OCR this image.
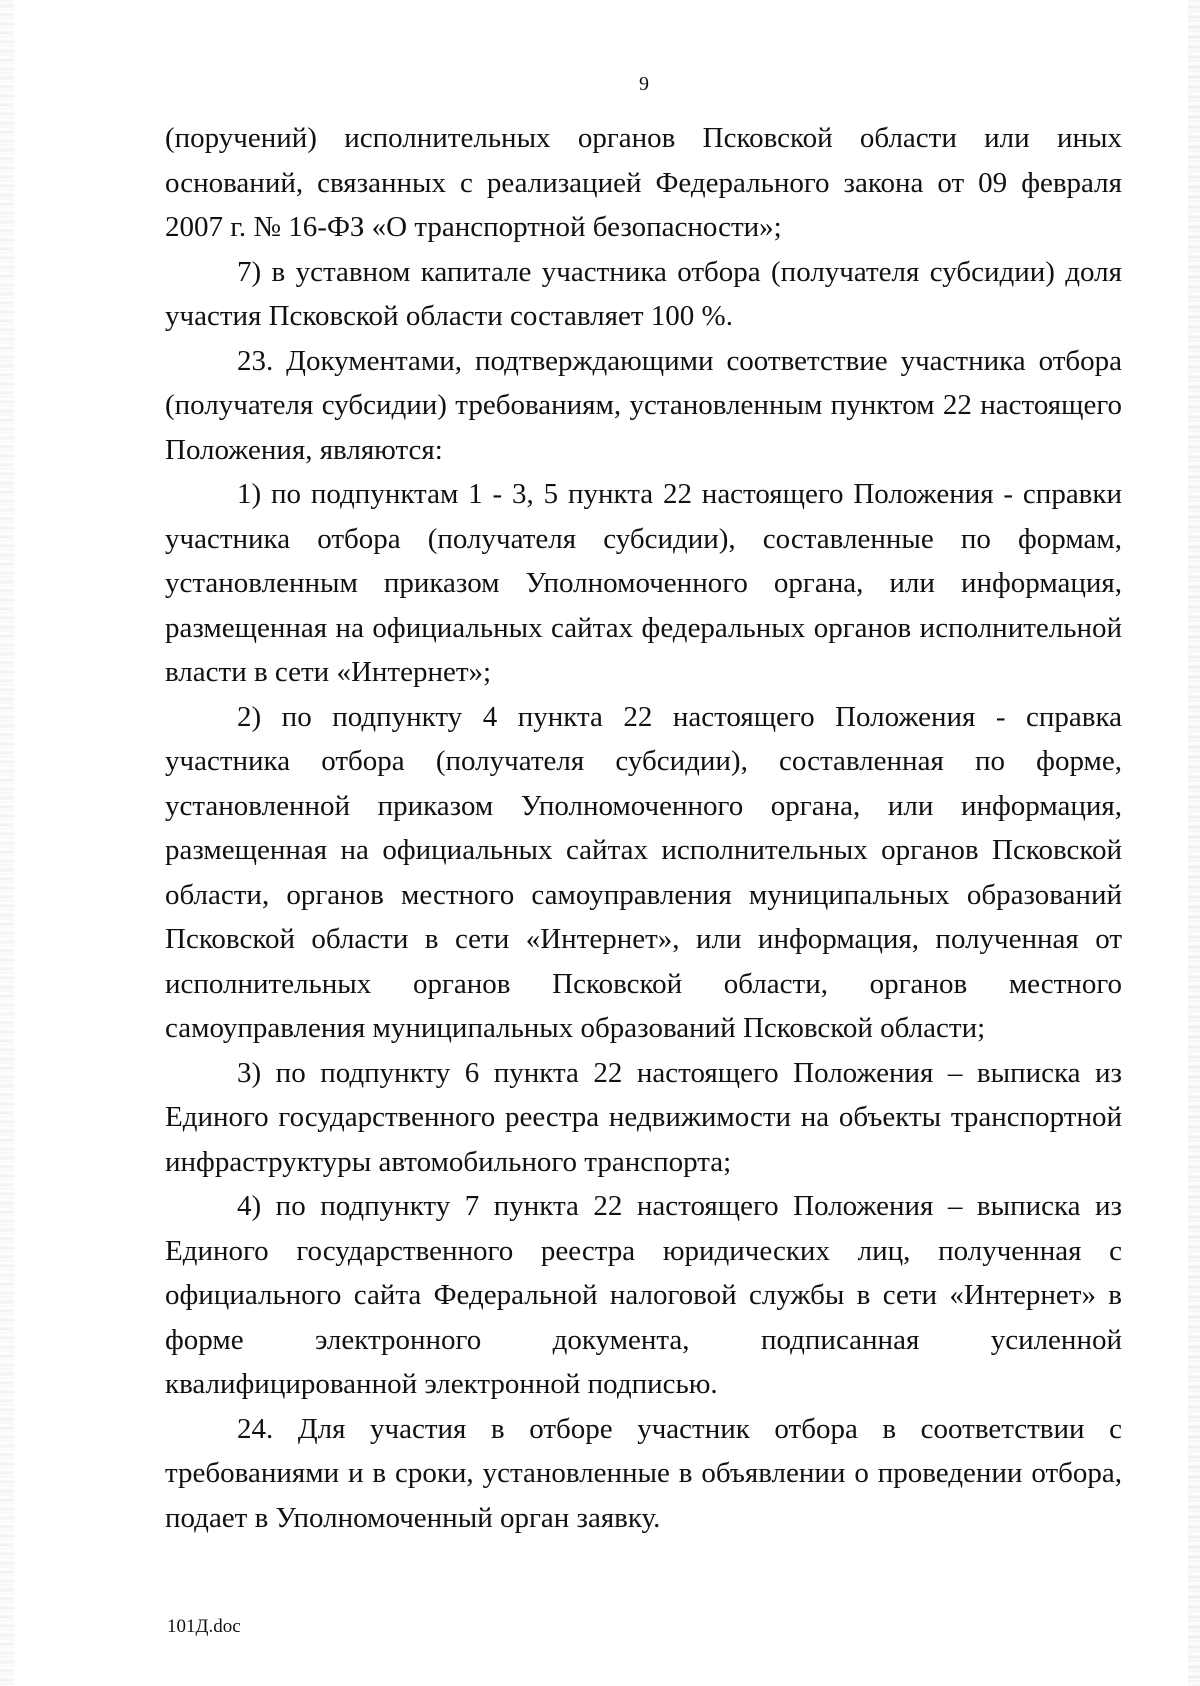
9

(поручений) исполнительных органов Псковской области или иных оснований, связанных с реализацией Федерального закона от 09 февраля 2007 г. № 16-ФЗ «О транспортной безопасности»;

7) в уставном капитале участника отбора (получателя субсидии) доля участия Псковской области составляет 100 %.

23. Документами, подтверждающими соответствие участника отбора (получателя субсидии) требованиям, установленным пунктом 22 настоящего Положения, являются:

1) по подпунктам 1 - 3, 5 пункта 22 настоящего Положения - справки участника отбора (получателя субсидии), составленные по формам, установленным приказом Уполномоченного органа, или информация, размещенная на официальных сайтах федеральных органов исполнительной власти в сети «Интернет»;

2) по подпункту 4 пункта 22 настоящего Положения - справка участника отбора (получателя субсидии), составленная по форме, установленной приказом Уполномоченного органа, или информация, размещенная на официальных сайтах исполнительных органов Псковской области, органов местного самоуправления муниципальных образований Псковской области в сети «Интернет», или информация, полученная от исполнительных органов Псковской области, органов местного самоуправления муниципальных образований Псковской области;

3) по подпункту 6 пункта 22 настоящего Положения – выписка из Единого государственного реестра недвижимости на объекты транспортной инфраструктуры автомобильного транспорта;

4) по подпункту 7 пункта 22 настоящего Положения – выписка из Единого государственного реестра юридических лиц, полученная с официального сайта Федеральной налоговой службы в сети «Интернет» в форме электронного документа, подписанная усиленной квалифицированной электронной подписью.

24. Для участия в отборе участник отбора в соответствии с требованиями и в сроки, установленные в объявлении о проведении отбора, подает в Уполномоченный орган заявку.

101Д.doc
